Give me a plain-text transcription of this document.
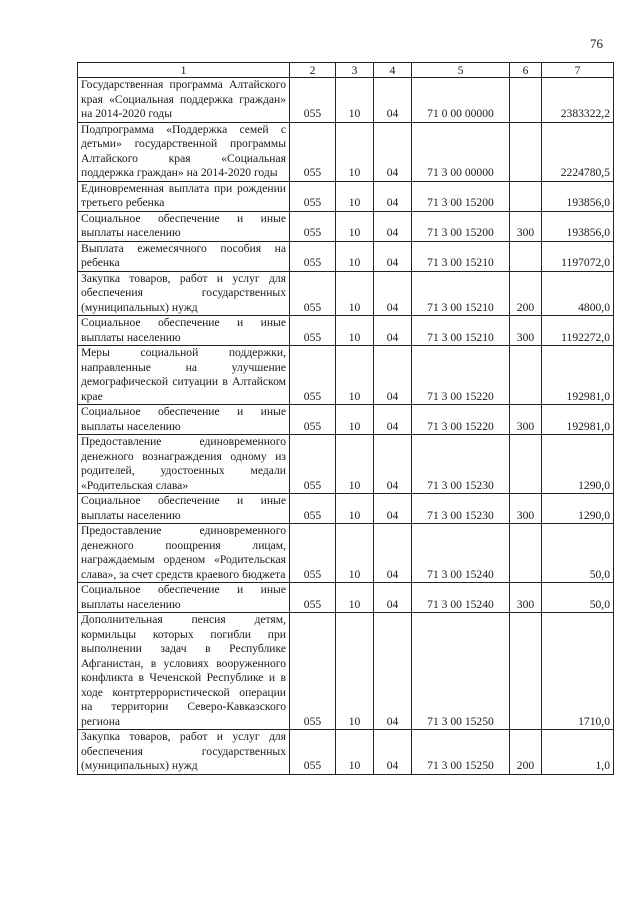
76
1	2	3	4	5	6	7
Государственная программа Алтайского края «Социальная поддержка граждан» на 2014-2020 годы	055	10	04	71 0 00 00000		2383322,2
Подпрограмма «Поддержка семей с детьми» государственной программы Алтайского края «Социальная поддержка граждан» на 2014-2020 годы	055	10	04	71 3 00 00000		2224780,5
Единовременная выплата при рождении третьего ребенка	055	10	04	71 3 00 15200		193856,0
Социальное обеспечение и иные выплаты населению	055	10	04	71 3 00 15200	300	193856,0
Выплата ежемесячного пособия на ребенка	055	10	04	71 3 00 15210		1197072,0
Закупка товаров, работ и услуг для обеспечения государственных (муниципальных) нужд	055	10	04	71 3 00 15210	200	4800,0
Социальное обеспечение и иные выплаты населению	055	10	04	71 3 00 15210	300	1192272,0
Меры социальной поддержки, направленные на улучшение демографической ситуации в Алтайском крае	055	10	04	71 3 00 15220		192981,0
Социальное обеспечение и иные выплаты населению	055	10	04	71 3 00 15220	300	192981,0
Предоставление единовременного денежного вознаграждения одному из родителей, удостоенных медали «Родительская слава»	055	10	04	71 3 00 15230		1290,0
Социальное обеспечение и иные выплаты населению	055	10	04	71 3 00 15230	300	1290,0
Предоставление единовременного денежного поощрения лицам, награждаемым орденом «Родительская слава», за счет средств краевого бюджета	055	10	04	71 3 00 15240		50,0
Социальное обеспечение и иные выплаты населению	055	10	04	71 3 00 15240	300	50,0
Дополнительная пенсия детям, кормильцы которых погибли при выполнении задач в Республике Афганистан, в условиях вооруженного конфликта в Чеченской Республике и в ходе контртеррористической операции на территории Северо-Кавказского региона	055	10	04	71 3 00 15250		1710,0
Закупка товаров, работ и услуг для обеспечения государственных (муниципальных) нужд	055	10	04	71 3 00 15250	200	1,0
